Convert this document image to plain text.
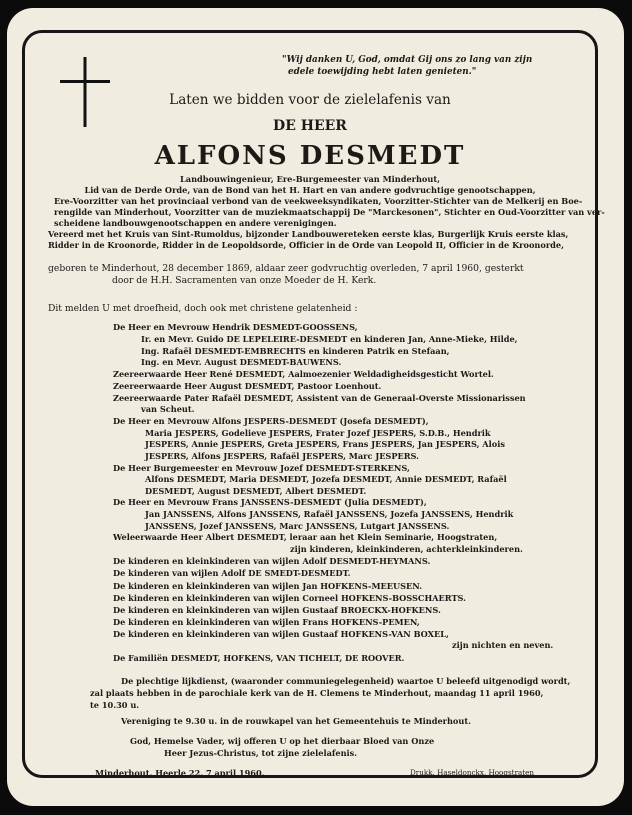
"Wij danken U, God, omdat Gij ons zo lang van zijn
edele toewijding hebt laten genieten."
Laten we bidden voor de zielelafenis van
DE HEER
ALFONS DESMEDT
Landbouwingenieur, Ere-Burgemeester van Minderhout,
Lid van de Derde Orde, van de Bond van het H. Hart en van andere godvruchtige genootschappen,
Ere-Voorzitter van het provinciaal verbond van de veekweeksyndikaten, Voorzitter-Stichter van de Melkerij en Boe-
rengilde van Minderhout, Voorzitter van de muziekmaatschappij De "Marckesonen", Stichter en Oud-Voorzitter van ver-
scheidene landbouwgenootschappen en andere verenigingen.
Vereerd met het Kruis van Sint-Rumoldus, bijzonder Landbouwereteken eerste klas, Burgerlijk Kruis eerste klas,
Ridder in de Kroonorde, Ridder in de Leopoldsorde, Officier in de Orde van Leopold II, Officier in de Kroonorde,
geboren te Minderhout, 28 december 1869, aldaar zeer godvruchtig overleden, 7 april 1960, gesterkt
door de H.H. Sacramenten van onze Moeder de H. Kerk.
Dit melden U met droefheid, doch ook met christene gelatenheid :
De Heer en Mevrouw Hendrik DESMEDT-GOOSSENS,
Ir. en Mevr. Guido DE LEPELEIRE-DESMEDT en kinderen Jan, Anne-Mieke, Hilde,
Ing. Rafaël DESMEDT-EMBRECHTS en kinderen Patrik en Stefaan,
Ing. en Mevr. August DESMEDT-BAUWENS.
Zeereerwaarde Heer René DESMEDT, Aalmoezenier Weldadigheidsgesticht Wortel.
Zeereerwaarde Heer August DESMEDT, Pastoor Loenhout.
Zeereerwaarde Pater Rafaël DESMEDT, Assistent van de Generaal-Overste Missionarissen
van Scheut.
De Heer en Mevrouw Alfons JESPERS-DESMEDT (Josefa DESMEDT),
Maria JESPERS, Godelieve JESPERS, Frater Jozef JESPERS, S.D.B., Hendrik
JESPERS, Annie JESPERS, Greta JESPERS, Frans JESPERS, Jan JESPERS, Alois
JESPERS, Alfons JESPERS, Rafaël JESPERS, Marc JESPERS.
De Heer Burgemeester en Mevrouw Jozef DESMEDT-STERKENS,
Alfons DESMEDT, Maria DESMEDT, Jozefa DESMEDT, Annie DESMEDT, Rafaël
DESMEDT, August DESMEDT, Albert DESMEDT.
De Heer en Mevrouw Frans JANSSENS-DESMEDT (Julia DESMEDT),
Jan JANSSENS, Alfons JANSSENS, Rafaël JANSSENS, Jozefa JANSSENS, Hendrik
JANSSENS, Jozef JANSSENS, Marc JANSSENS, Lutgart JANSSENS.
Weleerwaarde Heer Albert DESMEDT, leraar aan het Klein Seminarie, Hoogstraten,
zijn kinderen, kleinkinderen, achterkleinkinderen.
De kinderen en kleinkinderen van wijlen Adolf DESMEDT-HEYMANS.
De kinderen van wijlen Adolf DE SMEDT-DESMEDT.
De kinderen en kleinkinderen van wijlen Jan HOFKENS-MEEUSEN.
De kinderen en kleinkinderen van wijlen Corneel HOFKENS-BOSSCHAERTS.
De kinderen en kleinkinderen van wijlen Gustaaf BROECKX-HOFKENS.
De kinderen en kleinkinderen van wijlen Frans HOFKENS-PEMEN,
De kinderen en kleinkinderen van wijlen Gustaaf HOFKENS-VAN BOXEL,
zijn nichten en neven.
De Familiën DESMEDT, HOFKENS, VAN TICHELT, DE ROOVER.
De plechtige lijkdienst, (waaronder communiegelegenheid) waartoe U beleefd uitgenodigd wordt,
zal plaats hebben in de parochiale kerk van de H. Clemens te Minderhout, maandag 11 april 1960,
te 10.30 u.
Vereniging te 9.30 u. in de rouwkapel van het Gemeentehuis te Minderhout.
God, Hemelse Vader, wij offeren U op het dierbaar Bloed van Onze
Heer Jezus-Christus, tot zijne zielelafenis.
Minderhout, Heerle 22, 7 april 1960.	Drukk. Haseldonckx, Hoogstraten
